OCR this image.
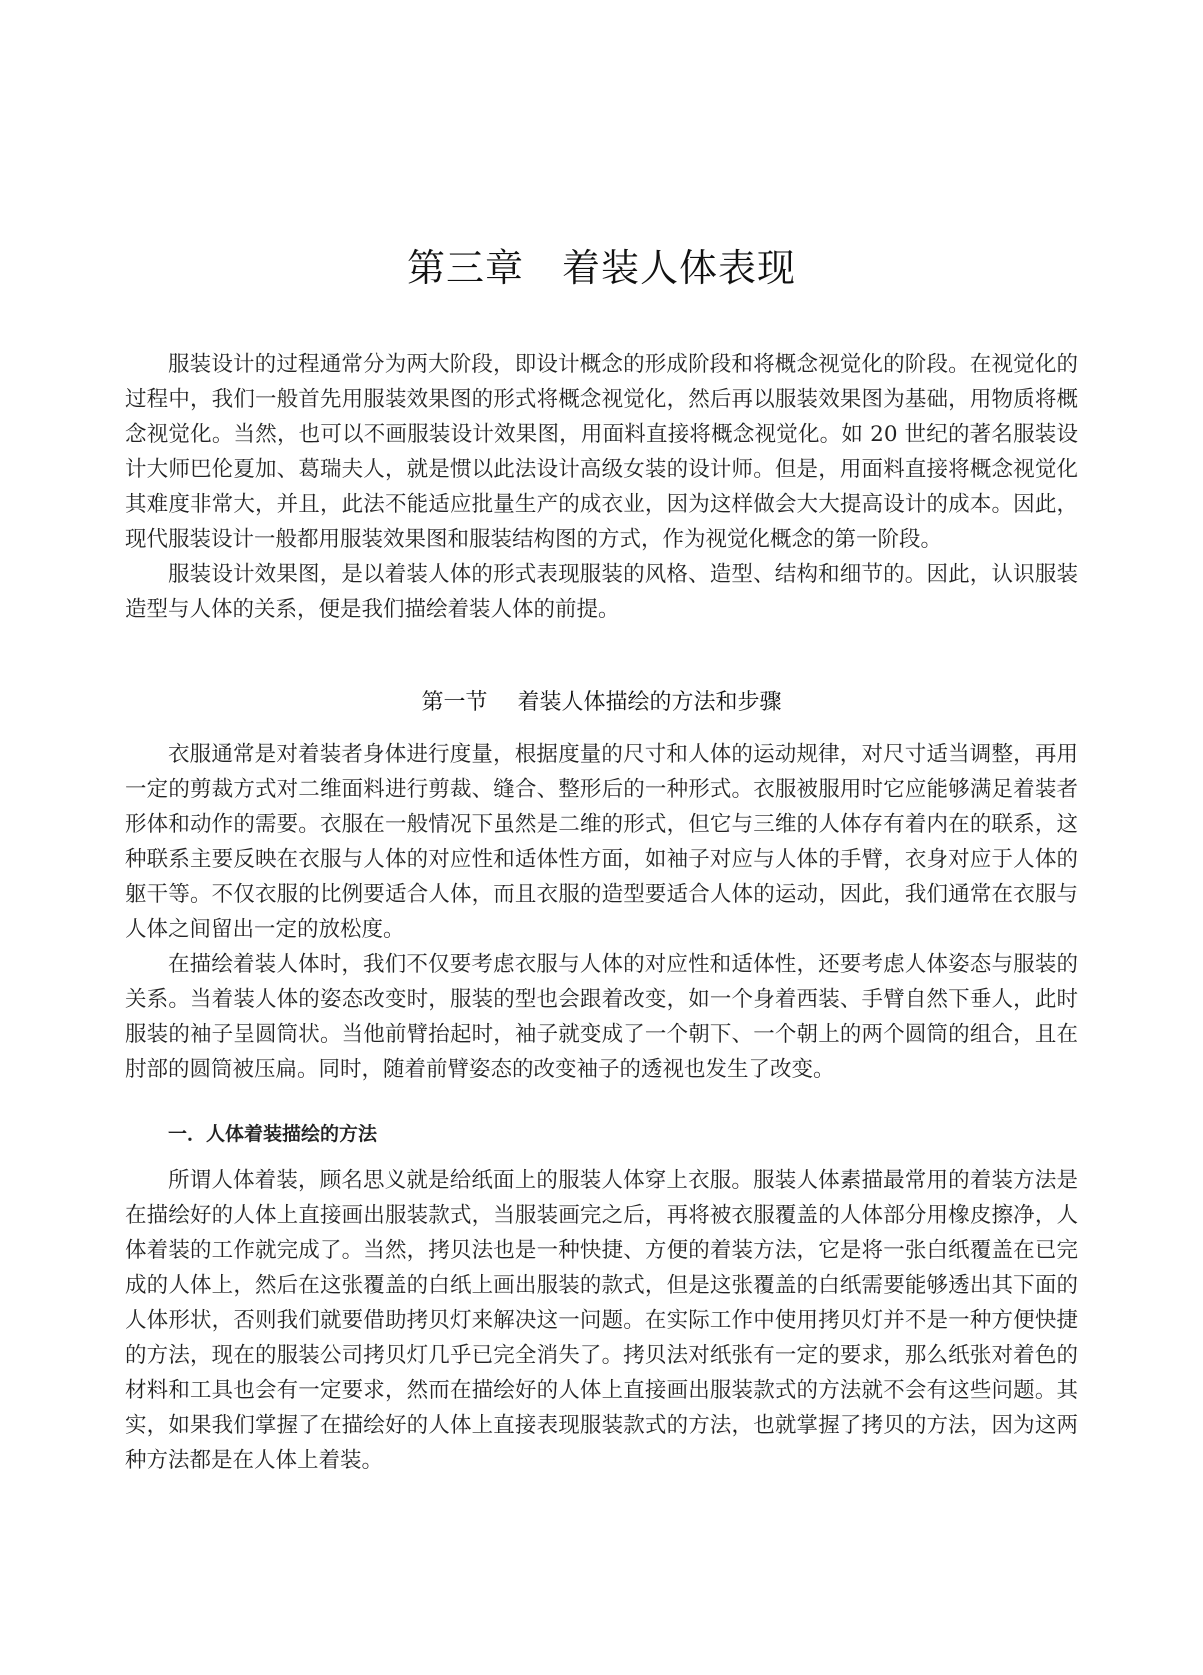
第三章 着装人体表现

服装设计的过程通常分为两大阶段，即设计概念的形成阶段和将概念视觉化的阶段。在视觉化的过程中，我们一般首先用服装效果图的形式将概念视觉化，然后再以服装效果图为基础，用物质将概念视觉化。当然，也可以不画服装设计效果图，用面料直接将概念视觉化。如 20 世纪的著名服装设计大师巴伦夏加、葛瑞夫人，就是惯以此法设计高级女装的设计师。但是，用面料直接将概念视觉化其难度非常大，并且，此法不能适应批量生产的成衣业，因为这样做会大大提高设计的成本。因此，现代服装设计一般都用服装效果图和服装结构图的方式，作为视觉化概念的第一阶段。

服装设计效果图，是以着装人体的形式表现服装的风格、造型、结构和细节的。因此，认识服装造型与人体的关系，便是我们描绘着装人体的前提。

第一节 着装人体描绘的方法和步骤

衣服通常是对着装者身体进行度量，根据度量的尺寸和人体的运动规律，对尺寸适当调整，再用一定的剪裁方式对二维面料进行剪裁、缝合、整形后的一种形式。衣服被服用时它应能够满足着装者形体和动作的需要。衣服在一般情况下虽然是二维的形式，但它与三维的人体存有着内在的联系，这种联系主要反映在衣服与人体的对应性和适体性方面，如袖子对应与人体的手臂，衣身对应于人体的躯干等。不仅衣服的比例要适合人体，而且衣服的造型要适合人体的运动，因此，我们通常在衣服与人体之间留出一定的放松度。

在描绘着装人体时，我们不仅要考虑衣服与人体的对应性和适体性，还要考虑人体姿态与服装的关系。当着装人体的姿态改变时，服装的型也会跟着改变，如一个身着西装、手臂自然下垂人，此时服装的袖子呈圆筒状。当他前臂抬起时，袖子就变成了一个朝下、一个朝上的两个圆筒的组合，且在肘部的圆筒被压扁。同时，随着前臂姿态的改变袖子的透视也发生了改变。

一．人体着装描绘的方法

所谓人体着装，顾名思义就是给纸面上的服装人体穿上衣服。服装人体素描最常用的着装方法是在描绘好的人体上直接画出服装款式，当服装画完之后，再将被衣服覆盖的人体部分用橡皮擦净，人体着装的工作就完成了。当然，拷贝法也是一种快捷、方便的着装方法，它是将一张白纸覆盖在已完成的人体上，然后在这张覆盖的白纸上画出服装的款式，但是这张覆盖的白纸需要能够透出其下面的人体形状，否则我们就要借助拷贝灯来解决这一问题。在实际工作中使用拷贝灯并不是一种方便快捷的方法，现在的服装公司拷贝灯几乎已完全消失了。拷贝法对纸张有一定的要求，那么纸张对着色的材料和工具也会有一定要求，然而在描绘好的人体上直接画出服装款式的方法就不会有这些问题。其实，如果我们掌握了在描绘好的人体上直接表现服装款式的方法，也就掌握了拷贝的方法，因为这两种方法都是在人体上着装。
